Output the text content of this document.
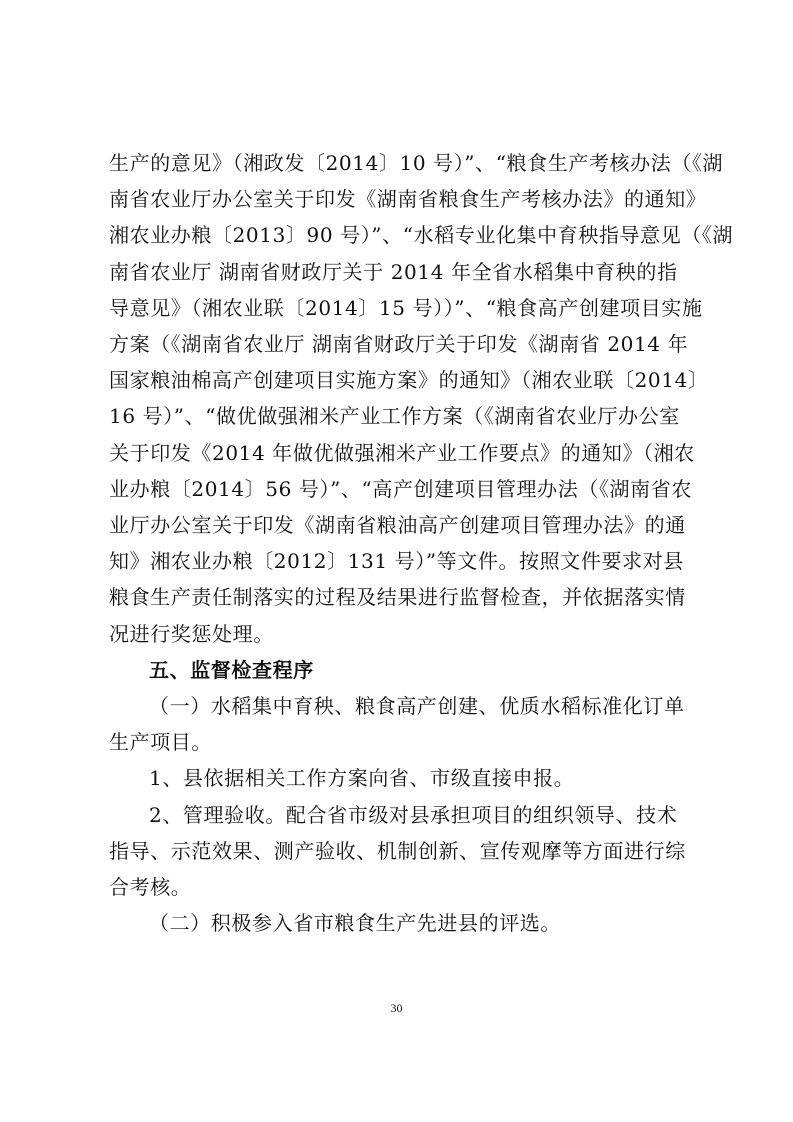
生产的意见》（湘政发〔2014〕10 号）”、“粮食生产考核办法（《湖
南省农业厅办公室关于印发《湖南省粮食生产考核办法》的通知》
湘农业办粮〔2013〕90 号）”、“水稻专业化集中育秧指导意见（《湖
南省农业厅 湖南省财政厅关于 2014 年全省水稻集中育秧的指
导意见》（湘农业联〔2014〕15 号））”、“粮食高产创建项目实施
方案（《湖南省农业厅 湖南省财政厅关于印发《湖南省 2014 年
国家粮油棉高产创建项目实施方案》的通知》（湘农业联〔2014〕
16 号）”、“做优做强湘米产业工作方案（《湖南省农业厅办公室
关于印发《2014 年做优做强湘米产业工作要点》的通知》（湘农
业办粮〔2014〕56 号）”、“高产创建项目管理办法（《湖南省农
业厅办公室关于印发《湖南省粮油高产创建项目管理办法》的通
知》湘农业办粮〔2012〕131 号）”等文件。按照文件要求对县
粮食生产责任制落实的过程及结果进行监督检查，并依据落实情
况进行奖惩处理。

五、监督检查程序

（一）水稻集中育秧、粮食高产创建、优质水稻标准化订单
生产项目。

1、县依据相关工作方案向省、市级直接申报。

2、管理验收。配合省市级对县承担项目的组织领导、技术
指导、示范效果、测产验收、机制创新、宣传观摩等方面进行综
合考核。

（二）积极参入省市粮食生产先进县的评选。

30
